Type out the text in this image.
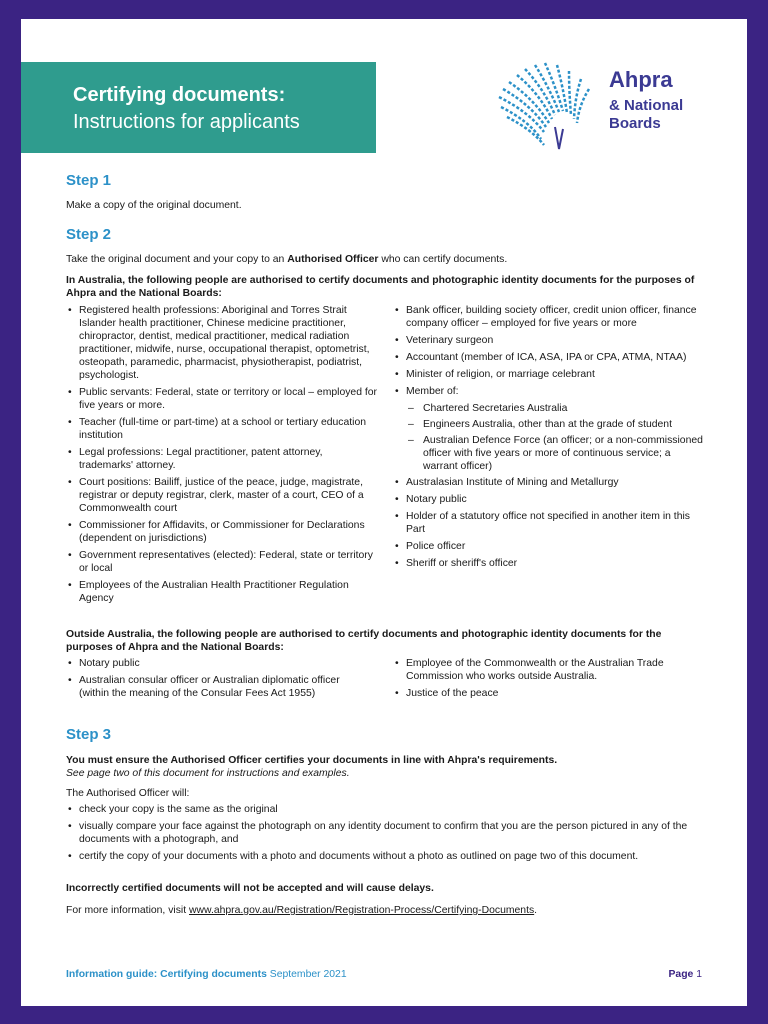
Certifying documents:
Instructions for applicants
Ahpra
& National
Boards
Step 1
Make a copy of the original document.
Step 2
Take the original document and your copy to an Authorised Officer who can certify documents.
In Australia, the following people are authorised to certify documents and photographic identity documents for the purposes of Ahpra and the National Boards:
• Registered health professions: Aboriginal and Torres Strait Islander health practitioner, Chinese medicine practitioner, chiropractor, dentist, medical practitioner, medical radiation practitioner, midwife, nurse, occupational therapist, optometrist, osteopath, paramedic, pharmacist, physiotherapist, podiatrist, psychologist.
• Public servants: Federal, state or territory or local – employed for five years or more.
• Teacher (full-time or part-time) at a school or tertiary education institution
• Legal professions: Legal practitioner, patent attorney, trademarks' attorney.
• Court positions: Bailiff, justice of the peace, judge, magistrate, registrar or deputy registrar, clerk, master of a court, CEO of a Commonwealth court
• Commissioner for Affidavits, or Commissioner for Declarations (dependent on jurisdictions)
• Government representatives (elected): Federal, state or territory or local
• Employees of the Australian Health Practitioner Regulation Agency
• Bank officer, building society officer, credit union officer, finance company officer – employed for five years or more
• Veterinary surgeon
• Accountant (member of ICA, ASA, IPA or CPA, ATMA, NTAA)
• Minister of religion, or marriage celebrant
• Member of:
– Chartered Secretaries Australia
– Engineers Australia, other than at the grade of student
– Australian Defence Force (an officer; or a non-commissioned officer with five years or more of continuous service; a warrant officer)
• Australasian Institute of Mining and Metallurgy
• Notary public
• Holder of a statutory office not specified in another item in this Part
• Police officer
• Sheriff or sheriff's officer
Outside Australia, the following people are authorised to certify documents and photographic identity documents for the purposes of Ahpra and the National Boards:
• Notary public
• Australian consular officer or Australian diplomatic officer (within the meaning of the Consular Fees Act 1955)
• Employee of the Commonwealth or the Australian Trade Commission who works outside Australia.
• Justice of the peace
Step 3
You must ensure the Authorised Officer certifies your documents in line with Ahpra's requirements.
See page two of this document for instructions and examples.
The Authorised Officer will:
• check your copy is the same as the original
• visually compare your face against the photograph on any identity document to confirm that you are the person pictured in any of the documents with a photograph, and
• certify the copy of your documents with a photo and documents without a photo as outlined on page two of this document.
Incorrectly certified documents will not be accepted and will cause delays.
For more information, visit www.ahpra.gov.au/Registration/Registration-Process/Certifying-Documents.
Information guide: Certifying documents September 2021	Page 1
